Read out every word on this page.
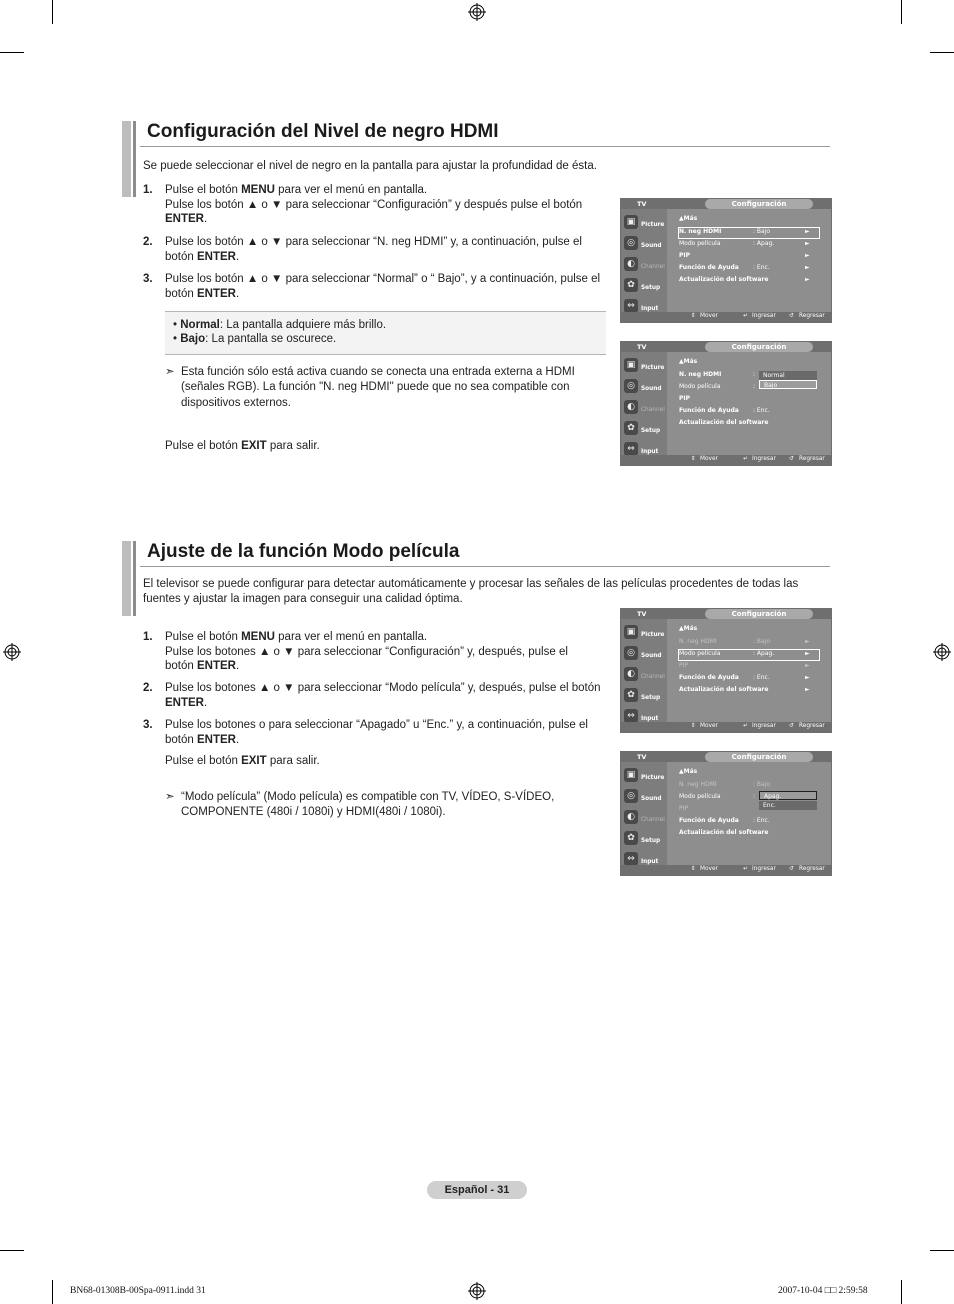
Configuración del Nivel de negro HDMI
Se puede seleccionar el nivel de negro en la pantalla para ajustar la profundidad de ésta.
1. Pulse el botón MENU para ver el menú en pantalla.
Pulse los botón ▲ o ▼ para seleccionar “Configuración” y después pulse el botón
ENTER.
2. Pulse los botón ▲ o ▼ para seleccionar “N. neg HDMI” y, a continuación, pulse el
botón ENTER.
3. Pulse los botón ▲ o ▼ para seleccionar “Normal” o “ Bajo”, y a continuación, pulse el
botón ENTER.
• Normal: La pantalla adquiere más brillo.
• Bajo: La pantalla se oscurece.
➣ Esta función sólo está activa cuando se conecta una entrada externa a HDMI
(señales RGB). La función "N. neg HDMI" puede que no sea compatible con
dispositivos externos.
Pulse el botón EXIT para salir.
TV	Configuración
▣ Picture
◎	Sound
◐	Channel
✿	Setup
⇔	Input
▲Más
N. neg HDMI	: Bajo	►
Modo película	: Apag.	►
PIP	►
Función de Ayuda : Enc.	►
Actualización del software	►
⇕ Mover	↵ Ingresar ↺ Regresar
TV	Configuración
▣ Picture
◎	Sound
◐	Channel
✿	Setup
⇔	Input
▲Más
N. neg HDMI	:	Normal
Bajo
Modo película	:
PIP
Función de Ayuda : Enc.
Actualización del software
⇕ Mover	↵ Ingresar ↺ Regresar
Ajuste de la función Modo película
El televisor se puede configurar para detectar automáticamente y procesar las señales de las películas procedentes de todas las
fuentes y ajustar la imagen para conseguir una calidad óptima.
1. Pulse el botón MENU para ver el menú en pantalla.
Pulse los botones ▲ o ▼ para seleccionar “Configuración” y, después, pulse el
botón ENTER.
2. Pulse los botones ▲ o ▼ para seleccionar “Modo película” y, después, pulse el botón
ENTER.
3. Pulse los botones o para seleccionar “Apagado” u “Enc.” y, a continuación, pulse el
botón ENTER.
Pulse el botón EXIT para salir.
➣ “Modo película” (Modo película) es compatible con TV, VÍDEO, S-VÍDEO,
COMPONENTE (480i / 1080i) y HDMI(480i / 1080i).
TV	Configuración
▣ Picture
◎	Sound
◐	Channel
✿	Setup
⇔	Input
▲Más
N. neg HDMI	: Bajo	►
Modo película	: Apag.	►
PIP	►
Función de Ayuda : Enc.	►
Actualización del software	►
⇕ Mover	↵ Ingresar ↺ Regresar
TV	Configuración
▣ Picture
◎	Sound
◐	Channel
✿	Setup
⇔	Input
▲Más
N. neg HDMI	: Bajo
Modo película	:	Apag.
Enc.
PIP
Función de Ayuda : Enc.
Actualización del software
⇕ Mover	↵ Ingresar ↺ Regresar
Español - 31
BN68-01308B-00Spa-0911.indd 31	2007-10-04 □□ 2:59:58
